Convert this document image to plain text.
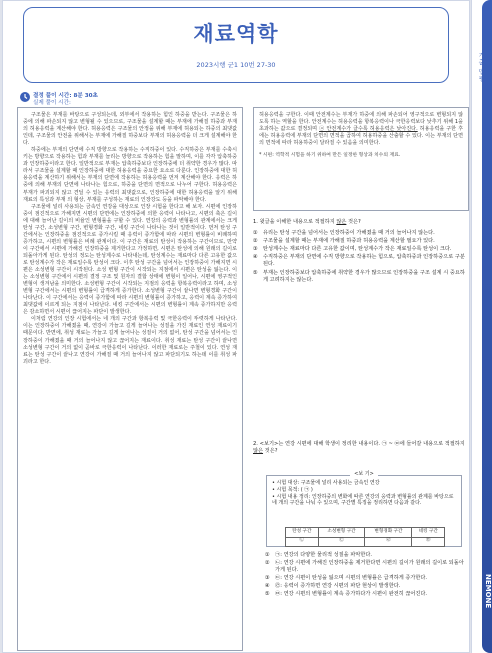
재료역학
2023시행 군1 10번 27-30
결정 풀이 시간: 8분 30초
실제 풀이 시간:

구조물은 부재를 바탕으로 구성되는데, 외부에서 작용하는 힘인 하중을 받는다. 구조물은 하중에 의해 파손되지 않고 변형될 수 있으므로, 구조물을 설계할 때는 부재에 가해질 하중과 부재의 허용응력을 계산해야 한다. 허용응력은 구조물의 안정을 위해 부재에 허용되는 하중의 최댓값인데, 구조물의 안전을 위해서는 부재에 가해질 하중보다 부재의 허용응력을 더 크게 설계해야 한다.

하중에는 부재의 단면에 수직 방향으로 작용하는 수직하중이 있다. 수직하중은 부재를 수축시키는 방향으로 작용하는 힘과 부재를 늘리는 방향으로 작용하는 힘을 말하며, 이를 각각 압축하중과 인장하중이라고 한다. 일반적으로 부재는 압축하중보다 인장하중에 더 취약한 경우가 많다. 따라서 구조물을 설계할 때 인장하중에 대한 허용응력을 중요한 요소로 다룬다. 인장하중에 대한 허용응력을 계산하기 위해서는 부재의 단면에 작용하는 허용응력을 먼저 계산해야 한다. 응력은 하중에 의해 부재의 단면에 나타나는 힘으로, 하중을 단면의 면적으로 나누어 구한다. 허용응력은 부재가 파괴되지 않고 견딜 수 있는 응력의 최댓값으로, 인장하중에 대한 허용응력을 알기 위해 재료의 특성과 부재 의 형상, 부재를 구성하는 재료의 인장강도 등을 파악해야 한다.

구조물에 널리 사용되는 금속인 연강을 대상으로 인장 시험을 한다고 해 보자. 시편에 인장하중이 점진적으로 가해지면 시편의 단면에는 인장하중에 의한 응력이 나타나고, 시편의 축은 길이에 대해 늘어난 길이의 비율인 변형률을 구할 수 있다. 연강의 응력과 변형률의 관계에서는 크게 탄성 구간, 소성변형 구간, 변형경화 구간, 네킹 구간이 나타나는 것이 일반적이다. 먼저 탄성 구간에서는 인장하중을 점진적으로 증가시킬 때 응력이 증가함에 따라 시편의 변형률이 비례하며 증가하고, 시편의 변형률은 비례 관계이다. 이 구간은 재료의 탄성이 작용하는 구간이므로, 만약 이 구간에서 시편에 가해진 인장하중을 제거한다고 가정하면, 시편은 탄성에 의해 원래의 길이로 되돌아가게 된다. 탄성의 정도는 탄성계수로 나타내는데, 탄성계수는 재료마다 다른 고유한 값으로 탄성계수가 작은 재료일수록 탄성이 크다. 이후 탄성 구간을 넘어서는 인장하중이 가해지면 시편은 소성변형 구간이 시작된다. 소성 변형 구간이 시작되는 지점에서 시편은 탄성을 잃는다. 이는 소성변형 구간에서 시편의 결정 구조 및 원자의 결합 상태에 변형이 일어나, 시편에 영구적인 변형이 생겨남을 의미한다. 소성변형 구간이 시작되는 지점의 응력을 항복응력이라고 하며, 소성변형 구간에서는 시편의 변형률이 급격하게 증가한다. 소성변형 구간이 끝나면 변형경화 구간이 나타난다. 이 구간에서는 응력이 증가함에 따라 시편의 변형률이 증가하고, 응력이 계속 증가하여 최댓값에 이르게 되는 지점이 나타난다. 네킹 구간에서는 시편의 변형률이 계속 증가하지만 응력은 감소하면서 시편이 끊어지는 파단이 발생한다.

이처럼 연강의 인장 시험에서는 네 개의 구간과 항복응력 및 극한응력이 뚜렷하게 나타난다. 이는 인장하중이 가해졌을 때, 연강이 가늘고 길게 늘어나는 성질을 가진 재료인 연성 재료이기 때문이다. 반면에, 취성 재료는 가늘고 길게 늘어나는 성질이 거의 없어, 탄성 구간을 넘어서는 인장하중이 가해졌을 때 거의 늘어나지 않고 끊어지는 재료이다. 취성 재료는 탄성 구간이 끝나면 소성변형 구간이 거의 없이 곧바로 극한응력이 나타난다. 이러한 재료로는 주철이 있다. 연성 재료는 탄성 구간이 끝나고 연강이 가해질 때 거의 늘어나지 않고 파단되기도 하는데 이를 취성 파괴라고 한다.

허용응력을 구한다. 이때 안전계수는 부재가 하중에 의해 파손되어 영구적으로 변형되지 않도록 하는 역할을 한다. 안전계수는 허용응력을 항복응력이나 극한응력보다 낮추기 위해 1을 초과하는 값으로 결정되며 ⓐ 안전계수가 클수록 허용응력은 낮아진다. 허용응력을 구한 후에는 허용응력에 부재의 단면의 면적을 곱하여 허용하중을 산출할 수 있다. 이는 부재의 단면의 면적에 따라 허용하중이 달라질 수 있음을 의미한다.

* 시편: 역학적 시험을 하기 위하여 만든 일정한 형상과 치수의 재료.

1. 윗글을 이해한 내용으로 적절하지 않은 것은?
①	유리는 탄성 구간을 넘어서는 인장하중이 가해졌을 때 거의 늘어나지 않는다.
②	구조물을 설계할 때는 부재에 가해질 하중과 허용응력을 계산할 필요가 있다.
③	탄성계수는 재료마다 다른 고유한 값이며, 탄성계수가 작은 재료일수록 탄성이 크다.
④	수직하중은 부재의 단면에 수직 방향으로 작용하는 힘으로, 압축하중과 인장하중으로 구분된다.
⑤	부재는 인장하중보다 압축하중에 취약한 경우가 많으므로 인장하중을 구조 설계 시 중요하게 고려하지는 않는다.
2. <보기>는 연강 시편에 대해 학생이 정리한 내용이다. ㉠ ~ ㉤에 들어갈 내용으로 적절하지 않은 것은?
<보 기>
• 시험 대상: 구조물에 널리 사용되는 금속인 연강
• 시험 목적: ( ㉠ )
• 시험 내용 정리: 인장하중의 변화에 따른 연강의 응력과 변형률의 관계를 바탕으로 네 개의 구간을 나눠 수 있으며, 구간별 특징을 정리하면 다음과 같다.
탄성 구간	소성변형 구간	변형경화 구간	네킹 구간
㉡	㉢	㉣	㉤
①	㉠: 연강의 다양한 물리적 성질을 파악한다.
②	㉡: 연강 시편에 가해진 인장하중을 제거한다면 시편의 길이가 원래의 길이로 되돌아가게 된다.
③	㉢: 연강 시편이 탄성을 잃으며 시편의 변형률은 급격하게 증가한다.
④	㉣: 응력이 증가하면 연강 시편의 파단 현상이 발생한다.
⑤	㉤: 연강 시편의 변형률이 계속 증가하다가 시편이 완전히 끊어진다.
기출 맵핑
NEMONE
